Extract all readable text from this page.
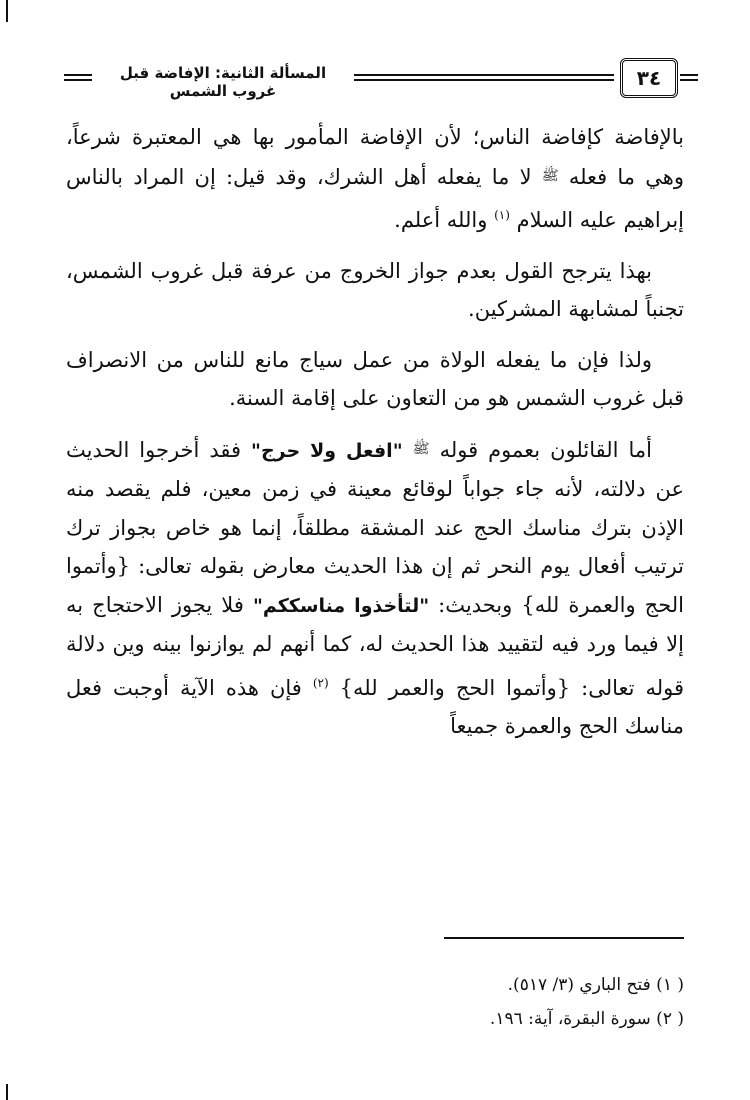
المسألة الثانية: الإفاضة قبل غروب الشمس
٣٤

بالإفاضة كإفاضة الناس؛ لأن الإفاضة المأمور بها هي المعتبرة شرعاً، وهي ما فعله ﷺ لا ما يفعله أهل الشرك، وقد قيل: إن المراد بالناس إبراهيم عليه السلام $^{(١)}$ والله أعلم.

بهذا يترجح القول بعدم جواز الخروج من عرفة قبل غروب الشمس، تجنباً لمشابهة المشركين.

ولذا فإن ما يفعله الولاة من عمل سياج مانع للناس من الانصراف قبل غروب الشمس هو من التعاون على إقامة السنة.

أما القائلون بعموم قوله ﷺ "افعل ولا حرج" فقد أخرجوا الحديث عن دلالته، لأنه جاء جواباً لوقائع معينة في زمن معين، فلم يقصد منه الإذن بترك مناسك الحج عند المشقة مطلقاً، إنما هو خاص بجواز ترك ترتيب أفعال يوم النحر ثم إن هذا الحديث معارض بقوله تعالى: {وأتموا الحج والعمرة لله} وبحديث: "لتأخذوا مناسككم" فلا يجوز الاحتجاج به إلا فيما ورد فيه لتقييد هذا الحديث له، كما أنهم لم يوازنوا بينه وين دلالة قوله تعالى: {وأتموا الحج والعمر لله} $^{(٢)}$ فإن هذه الآية أوجبت فعل مناسك الحج والعمرة جميعاً

( ١) فتح الباري (٣/ ٥١٧).
( ٢) سورة البقرة، آية: ١٩٦.
